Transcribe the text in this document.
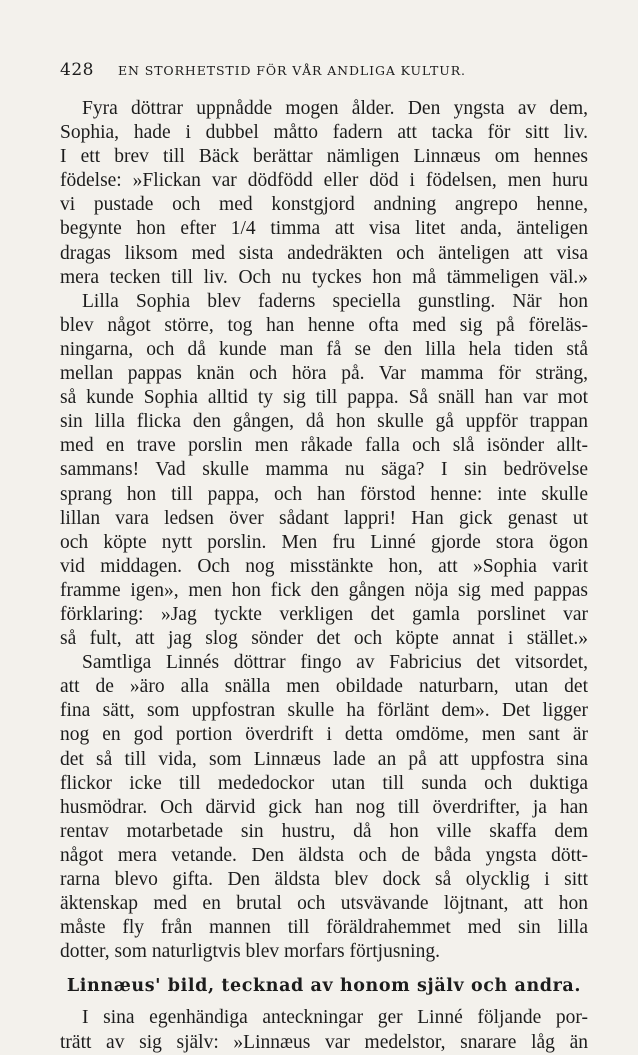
428 EN STORHETSTID FÖR VÅR ANDLIGA KULTUR.
Fyra döttrar uppnådde mogen ålder. Den yngsta av dem,
Sophia, hade i dubbel måtto fadern att tacka för sitt liv.
I ett brev till Bäck berättar nämligen Linnæus om hennes
födelse: »Flickan var dödfödd eller död i födelsen, men huru
vi pustade och med konstgjord andning angrepo henne,
begynte hon efter 1/4 timma att visa litet anda, änteligen
dragas liksom med sista andedräkten och änteligen att visa
mera tecken till liv. Och nu tyckes hon må tämmeligen väl.»
Lilla Sophia blev faderns speciella gunstling. När hon
blev något större, tog han henne ofta med sig på föreläs-
ningarna, och då kunde man få se den lilla hela tiden stå
mellan pappas knän och höra på. Var mamma för sträng,
så kunde Sophia alltid ty sig till pappa. Så snäll han var mot
sin lilla flicka den gången, då hon skulle gå uppför trappan
med en trave porslin men råkade falla och slå isönder allt-
sammans! Vad skulle mamma nu säga? I sin bedrövelse
sprang hon till pappa, och han förstod henne: inte skulle
lillan vara ledsen över sådant lappri! Han gick genast ut
och köpte nytt porslin. Men fru Linné gjorde stora ögon
vid middagen. Och nog misstänkte hon, att »Sophia varit
framme igen», men hon fick den gången nöja sig med pappas
förklaring: »Jag tyckte verkligen det gamla porslinet var
så fult, att jag slog sönder det och köpte annat i stället.»
Samtliga Linnés döttrar fingo av Fabricius det vitsordet,
att de »äro alla snälla men obildade naturbarn, utan det
fina sätt, som uppfostran skulle ha förlänt dem». Det ligger
nog en god portion överdrift i detta omdöme, men sant är
det så till vida, som Linnæus lade an på att uppfostra sina
flickor icke till mededockor utan till sunda och duktiga
husmödrar. Och därvid gick han nog till överdrifter, ja han
rentav motarbetade sin hustru, då hon ville skaffa dem
något mera vetande. Den äldsta och de båda yngsta dött-
rarna blevo gifta. Den äldsta blev dock så olycklig i sitt
äktenskap med en brutal och utsvävande löjtnant, att hon
måste fly från mannen till föräldrahemmet med sin lilla
dotter, som naturligtvis blev morfars förtjusning.
Linnæus' bild, tecknad av honom själv och andra.
I sina egenhändiga anteckningar ger Linné följande por-
trätt av sig själv: »Linnæus var medelstor, snarare låg än
